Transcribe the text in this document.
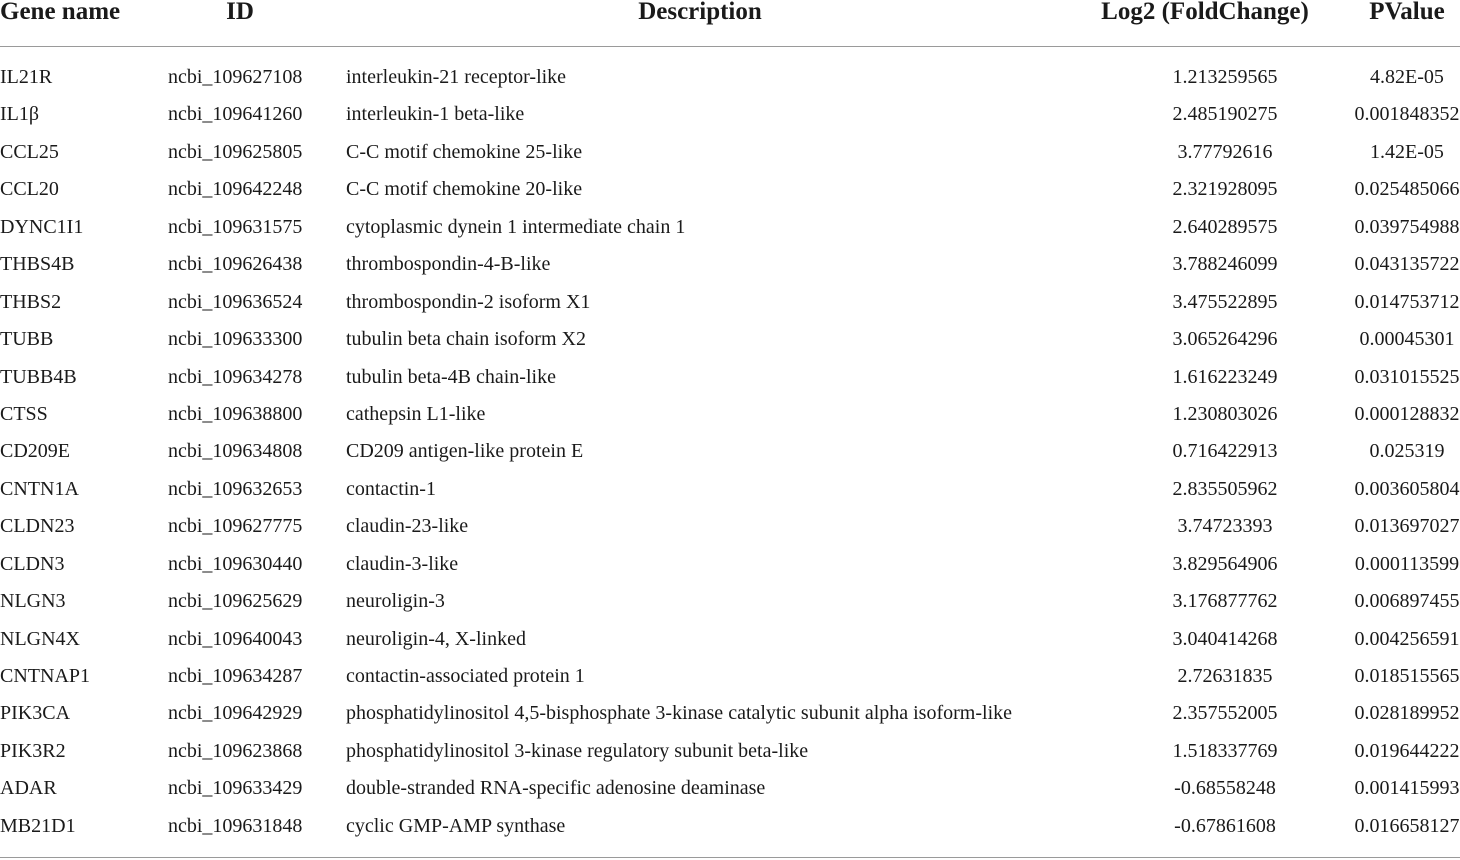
Gene name	ID	Description	Log2 (FoldChange)	PValue
IL21R	ncbi_109627108 interleukin-21 receptor-like	1.213259565	4.82E-05
IL1β	ncbi_109641260 interleukin-1 beta-like	2.485190275	0.001848352
CCL25	ncbi_109625805 C-C motif chemokine 25-like	3.77792616	1.42E-05
CCL20	ncbi_109642248 C-C motif chemokine 20-like	2.321928095	0.025485066
DYNC1I1	ncbi_109631575 cytoplasmic dynein 1 intermediate chain 1	2.640289575	0.039754988
THBS4B	ncbi_109626438 thrombospondin-4-B-like	3.788246099	0.043135722
THBS2	ncbi_109636524 thrombospondin-2 isoform X1	3.475522895	0.014753712
TUBB	ncbi_109633300 tubulin beta chain isoform X2	3.065264296	0.00045301
TUBB4B	ncbi_109634278 tubulin beta-4B chain-like	1.616223249	0.031015525
CTSS	ncbi_109638800 cathepsin L1-like	1.230803026	0.000128832
CD209E	ncbi_109634808 CD209 antigen-like protein E	0.716422913	0.025319
CNTN1A	ncbi_109632653 contactin-1	2.835505962	0.003605804
CLDN23	ncbi_109627775 claudin-23-like	3.74723393	0.013697027
CLDN3	ncbi_109630440 claudin-3-like	3.829564906	0.000113599
NLGN3	ncbi_109625629 neuroligin-3	3.176877762	0.006897455
NLGN4X	ncbi_109640043 neuroligin-4, X-linked	3.040414268	0.004256591
CNTNAP1	ncbi_109634287 contactin-associated protein 1	2.72631835	0.018515565
PIK3CA	ncbi_109642929 phosphatidylinositol 4,5-bisphosphate 3-kinase catalytic subunit alpha isoform-like	2.357552005	0.028189952
PIK3R2	ncbi_109623868 phosphatidylinositol 3-kinase regulatory subunit beta-like	1.518337769	0.019644222
ADAR	ncbi_109633429 double-stranded RNA-specific adenosine deaminase	-0.68558248	0.001415993
MB21D1	ncbi_109631848 cyclic GMP-AMP synthase	-0.67861608	0.016658127
